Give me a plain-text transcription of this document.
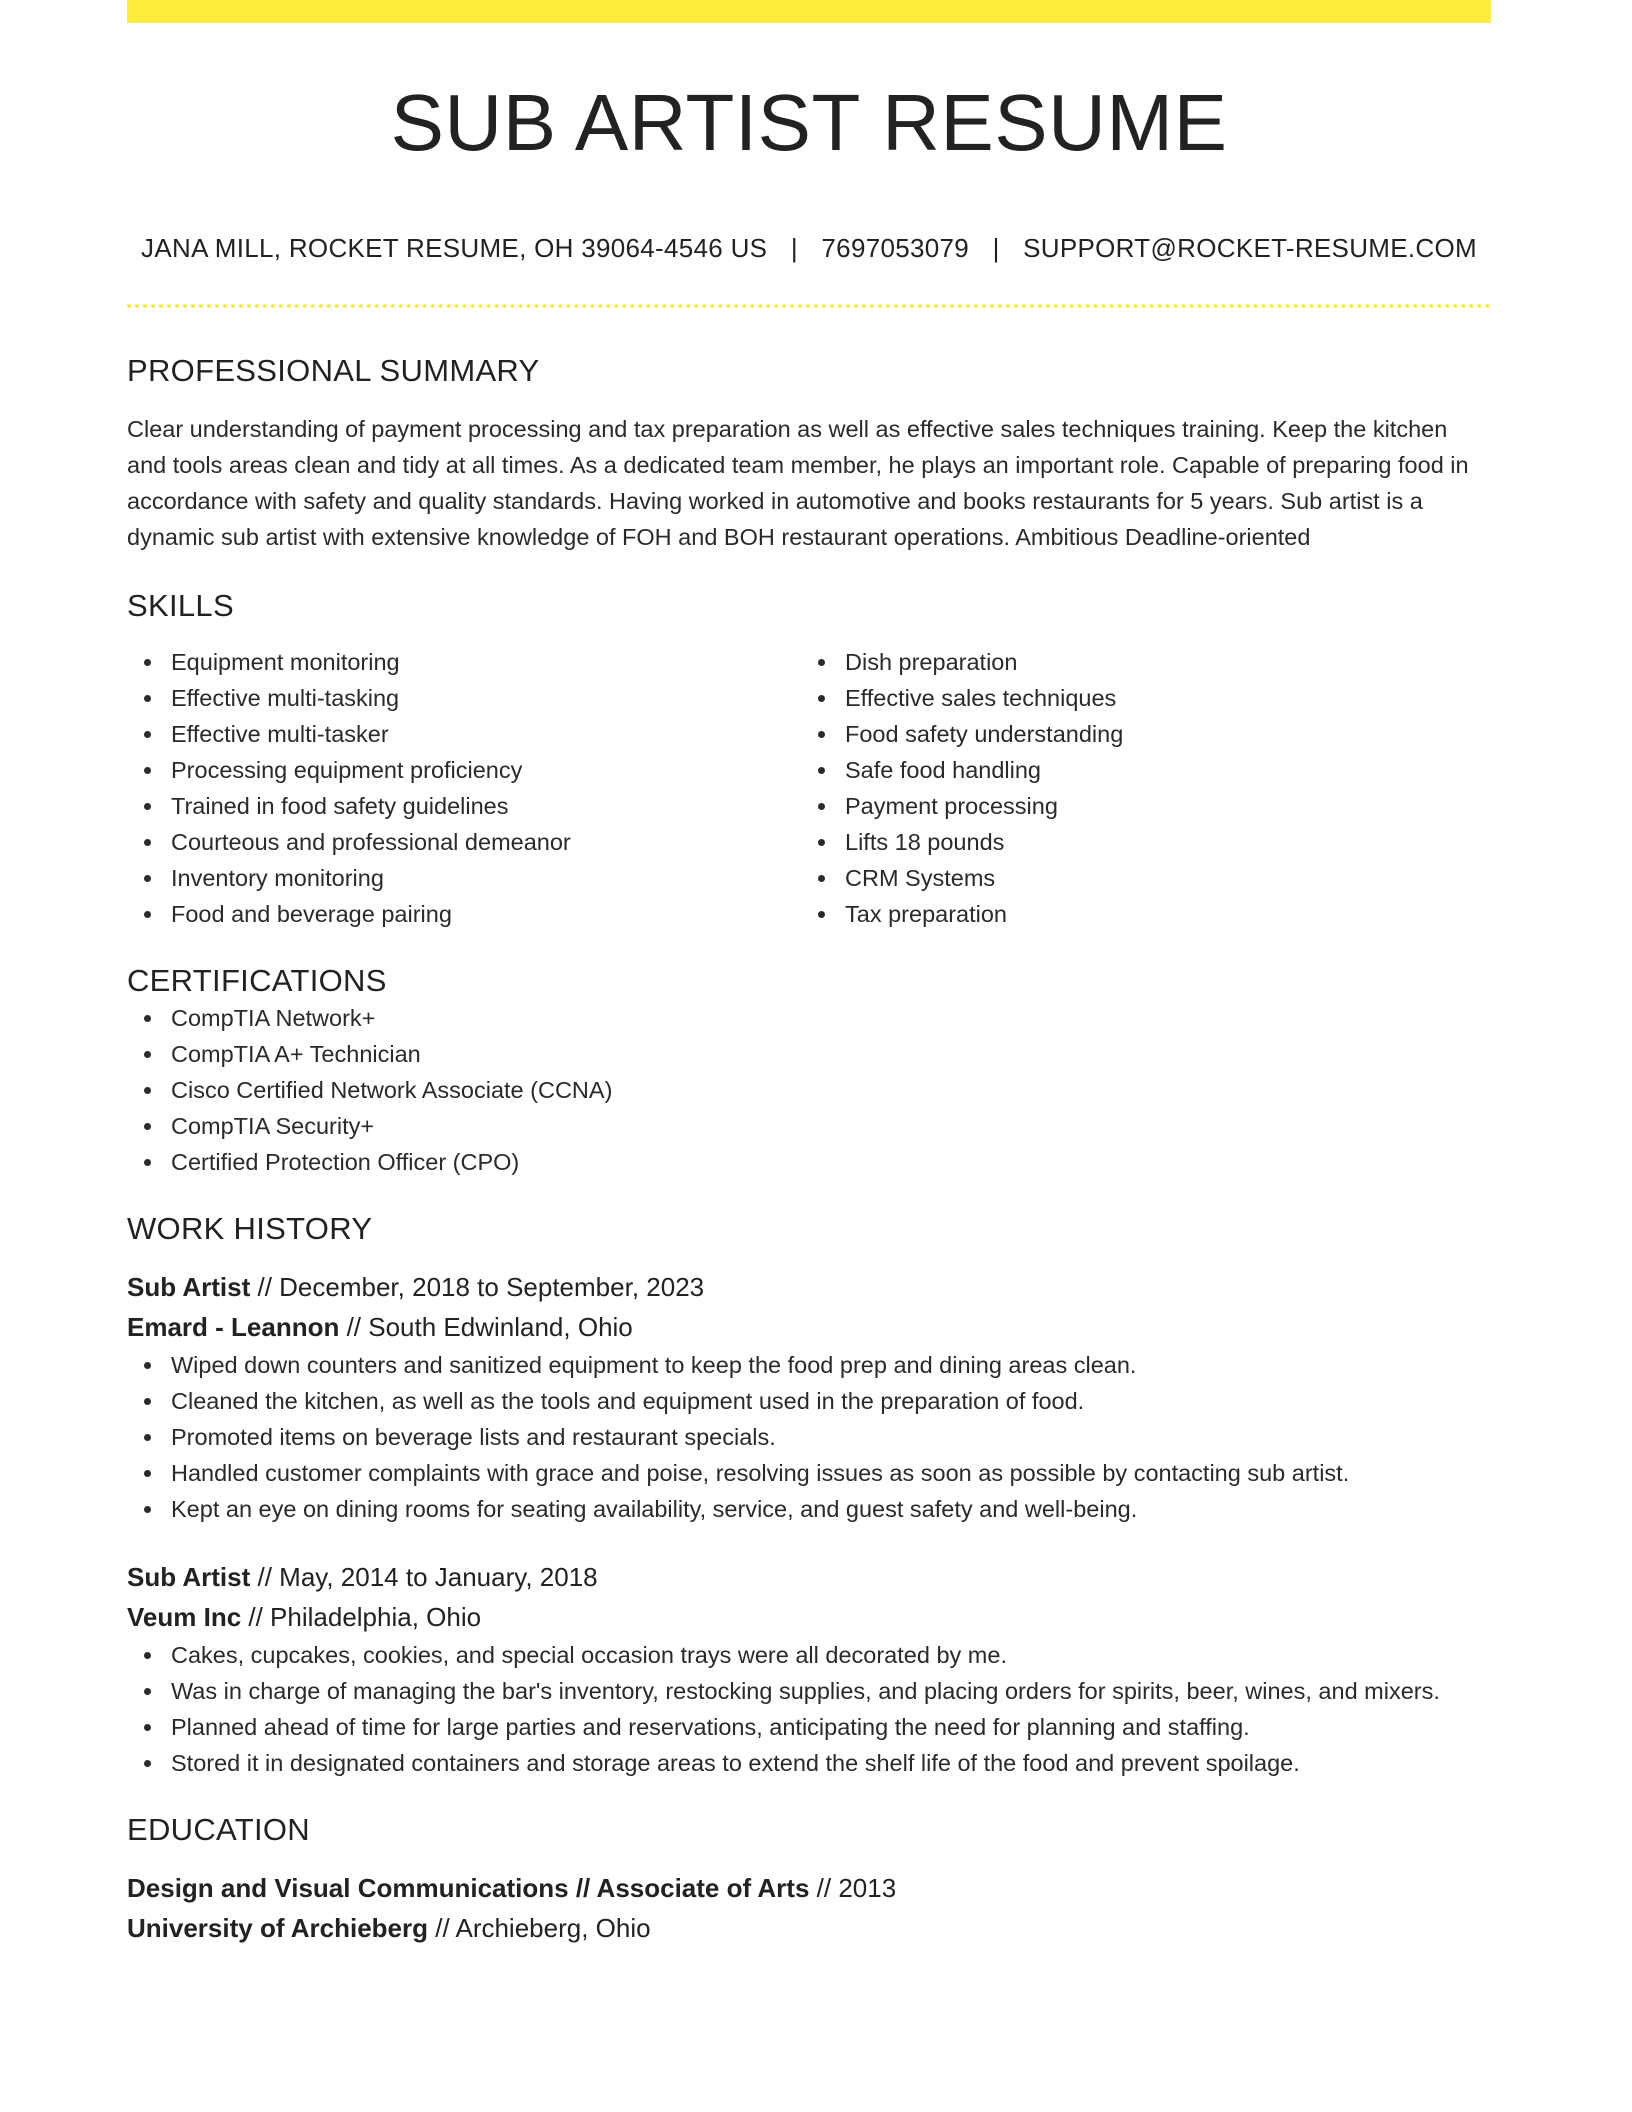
SUB ARTIST RESUME
JANA MILL, ROCKET RESUME, OH 39064-4546 US | 7697053079 | SUPPORT@ROCKET-RESUME.COM
PROFESSIONAL SUMMARY
Clear understanding of payment processing and tax preparation as well as effective sales techniques training. Keep the kitchen and tools areas clean and tidy at all times. As a dedicated team member, he plays an important role. Capable of preparing food in accordance with safety and quality standards. Having worked in automotive and books restaurants for 5 years. Sub artist is a dynamic sub artist with extensive knowledge of FOH and BOH restaurant operations. Ambitious Deadline-oriented
SKILLS
Equipment monitoring
Effective multi-tasking
Effective multi-tasker
Processing equipment proficiency
Trained in food safety guidelines
Courteous and professional demeanor
Inventory monitoring
Food and beverage pairing
Dish preparation
Effective sales techniques
Food safety understanding
Safe food handling
Payment processing
Lifts 18 pounds
CRM Systems
Tax preparation
CERTIFICATIONS
CompTIA Network+
CompTIA A+ Technician
Cisco Certified Network Associate (CCNA)
CompTIA Security+
Certified Protection Officer (CPO)
WORK HISTORY
Sub Artist // December, 2018 to September, 2023
Emard - Leannon // South Edwinland, Ohio
Wiped down counters and sanitized equipment to keep the food prep and dining areas clean.
Cleaned the kitchen, as well as the tools and equipment used in the preparation of food.
Promoted items on beverage lists and restaurant specials.
Handled customer complaints with grace and poise, resolving issues as soon as possible by contacting sub artist.
Kept an eye on dining rooms for seating availability, service, and guest safety and well-being.
Sub Artist // May, 2014 to January, 2018
Veum Inc // Philadelphia, Ohio
Cakes, cupcakes, cookies, and special occasion trays were all decorated by me.
Was in charge of managing the bar's inventory, restocking supplies, and placing orders for spirits, beer, wines, and mixers.
Planned ahead of time for large parties and reservations, anticipating the need for planning and staffing.
Stored it in designated containers and storage areas to extend the shelf life of the food and prevent spoilage.
EDUCATION
Design and Visual Communications // Associate of Arts // 2013
University of Archieberg // Archieberg, Ohio
